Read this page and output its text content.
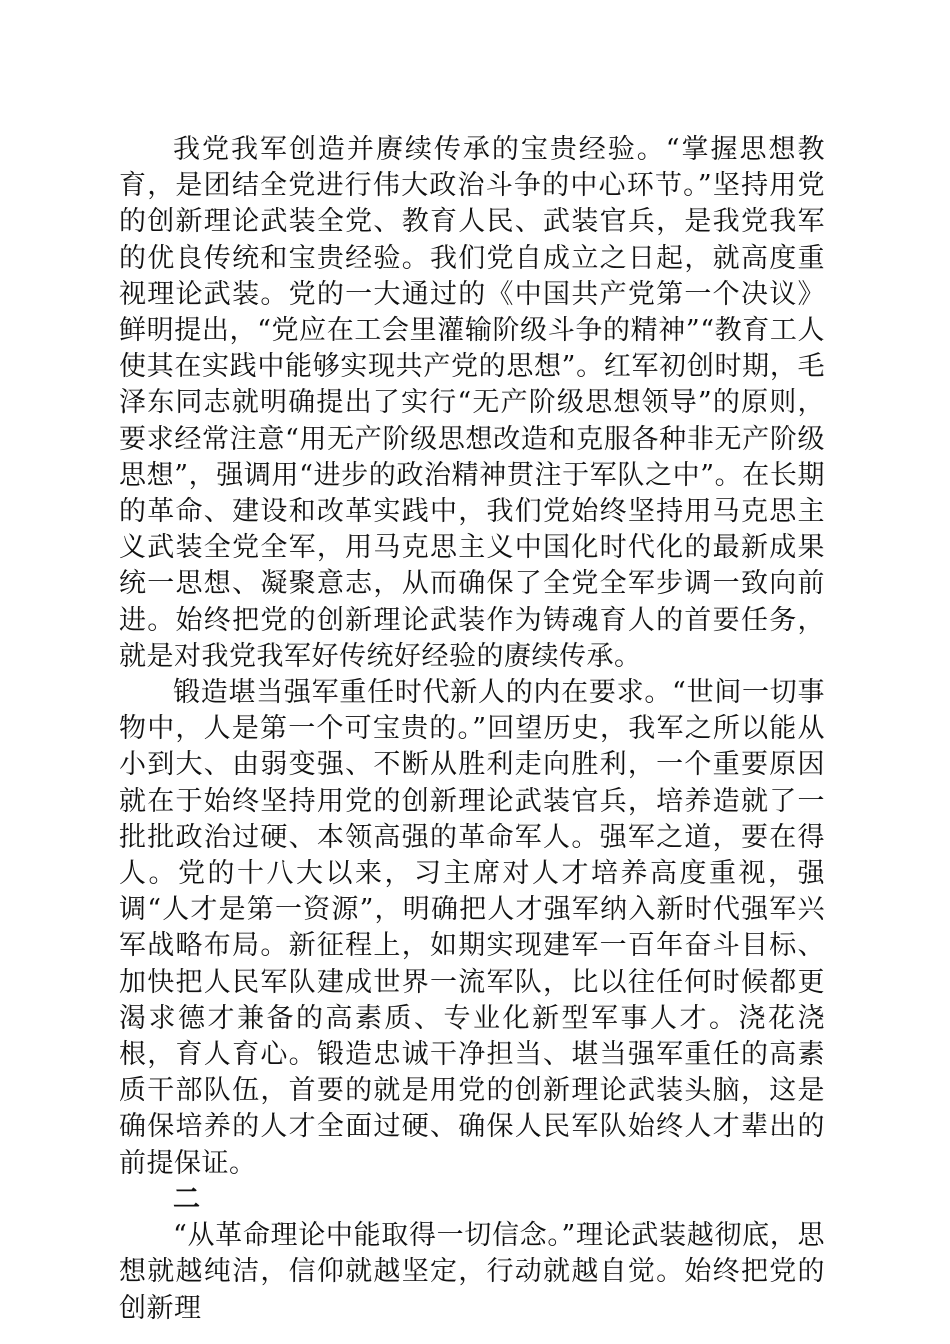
我党我军创造并赓续传承的宝贵经验。“掌握思想教育，是团结全党进行伟大政治斗争的中心环节。”坚持用党的创新理论武装全党、教育人民、武装官兵，是我党我军的优良传统和宝贵经验。我们党自成立之日起，就高度重视理论武装。党的一大通过的《中国共产党第一个决议》鲜明提出，“党应在工会里灌输阶级斗争的精神”“教育工人使其在实践中能够实现共产党的思想”。红军初创时期，毛泽东同志就明确提出了实行“无产阶级思想领导”的原则，要求经常注意“用无产阶级思想改造和克服各种非无产阶级思想”，强调用“进步的政治精神贯注于军队之中”。在长期的革命、建设和改革实践中，我们党始终坚持用马克思主义武装全党全军，用马克思主义中国化时代化的最新成果统一思想、凝聚意志，从而确保了全党全军步调一致向前进。始终把党的创新理论武装作为铸魂育人的首要任务，就是对我党我军好传统好经验的赓续传承。

锻造堪当强军重任时代新人的内在要求。“世间一切事物中，人是第一个可宝贵的。”回望历史，我军之所以能从小到大、由弱变强、不断从胜利走向胜利，一个重要原因就在于始终坚持用党的创新理论武装官兵，培养造就了一批批政治过硬、本领高强的革命军人。强军之道，要在得人。党的十八大以来，习主席对人才培养高度重视，强调“人才是第一资源”，明确把人才强军纳入新时代强军兴军战略布局。新征程上，如期实现建军一百年奋斗目标、加快把人民军队建成世界一流军队，比以往任何时候都更渴求德才兼备的高素质、专业化新型军事人才。浇花浇根，育人育心。锻造忠诚干净担当、堪当强军重任的高素质干部队伍，首要的就是用党的创新理论武装头脑，这是确保培养的人才全面过硬、确保人民军队始终人才辈出的前提保证。

二

“从革命理论中能取得一切信念。”理论武装越彻底，思想就越纯洁，信仰就越坚定，行动就越自觉。始终把党的创新理
